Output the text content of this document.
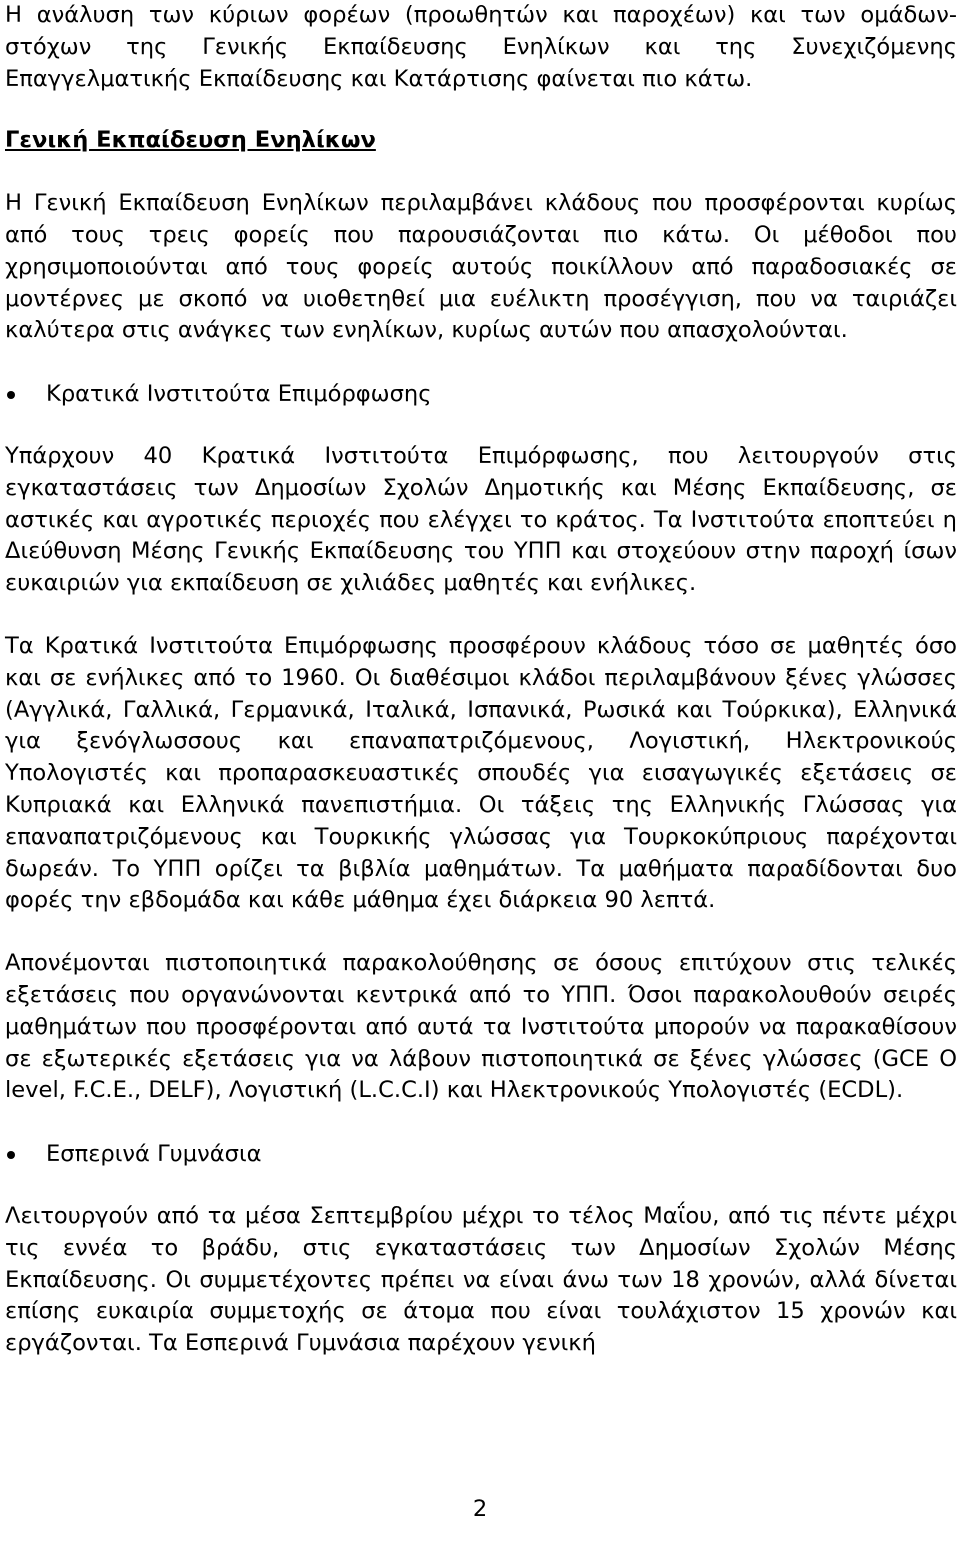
Η ανάλυση των κύριων φορέων (προωθητών και παροχέων) και των ομάδων-στόχων της Γενικής Εκπαίδευσης Ενηλίκων και της Συνεχιζόμενης Επαγγελματικής Εκπαίδευσης και Κατάρτισης φαίνεται πιο κάτω.

Γενική Εκπαίδευση Ενηλίκων

Η Γενική Εκπαίδευση Ενηλίκων περιλαμβάνει κλάδους που προσφέρονται κυρίως από τους τρεις φορείς που παρουσιάζονται πιο κάτω. Οι μέθοδοι που χρησιμοποιούνται από τους φορείς αυτούς ποικίλλουν από παραδοσιακές σε μοντέρνες με σκοπό να υιοθετηθεί μια ευέλικτη προσέγγιση, που να ταιριάζει καλύτερα στις ανάγκες των ενηλίκων, κυρίως αυτών που απασχολούνται.

Κρατικά Ινστιτούτα Επιμόρφωσης

Υπάρχουν 40 Κρατικά Ινστιτούτα Επιμόρφωσης, που λειτουργούν στις εγκαταστάσεις των Δημοσίων Σχολών Δημοτικής και Μέσης Εκπαίδευσης, σε αστικές και αγροτικές περιοχές που ελέγχει το κράτος. Τα Ινστιτούτα εποπτεύει η Διεύθυνση Μέσης Γενικής Εκπαίδευσης του ΥΠΠ και στοχεύουν στην παροχή ίσων ευκαιριών για εκπαίδευση σε χιλιάδες μαθητές και ενήλικες.

Τα Κρατικά Ινστιτούτα Επιμόρφωσης προσφέρουν κλάδους τόσο σε μαθητές όσο και σε ενήλικες από το 1960. Οι διαθέσιμοι κλάδοι περιλαμβάνουν ξένες γλώσσες (Αγγλικά, Γαλλικά, Γερμανικά, Ιταλικά, Ισπανικά, Ρωσικά και Τούρκικα), Ελληνικά για ξενόγλωσσους και επαναπατριζόμενους, Λογιστική, Ηλεκτρονικούς Υπολογιστές και προπαρασκευαστικές σπουδές για εισαγωγικές εξετάσεις σε Κυπριακά και Ελληνικά πανεπιστήμια. Οι τάξεις της Ελληνικής Γλώσσας για επαναπατριζόμενους και Τουρκικής γλώσσας για Τουρκοκύπριους παρέχονται δωρεάν. Το ΥΠΠ ορίζει τα βιβλία μαθημάτων. Τα μαθήματα παραδίδονται δυο φορές την εβδομάδα και κάθε μάθημα έχει διάρκεια 90 λεπτά.

Απονέμονται πιστοποιητικά παρακολούθησης σε όσους επιτύχουν στις τελικές εξετάσεις που οργανώνονται κεντρικά από το ΥΠΠ. Όσοι παρακολουθούν σειρές μαθημάτων που προσφέρονται από αυτά τα Ινστιτούτα μπορούν να παρακαθίσουν σε εξωτερικές εξετάσεις για να λάβουν πιστοποιητικά σε ξένες γλώσσες (GCE O level, F.C.E., DELF), Λογιστική (L.C.C.I) και Ηλεκτρονικούς Υπολογιστές (ECDL).

Εσπερινά Γυμνάσια

Λειτουργούν από τα μέσα Σεπτεμβρίου μέχρι το τέλος Μαΐου, από τις πέντε μέχρι τις εννέα το βράδυ, στις εγκαταστάσεις των Δημοσίων Σχολών Μέσης Εκπαίδευσης. Οι συμμετέχοντες πρέπει να είναι άνω των 18 χρονών, αλλά δίνεται επίσης ευκαιρία συμμετοχής σε άτομα που είναι τουλάχιστον 15 χρονών και εργάζονται. Τα Εσπερινά Γυμνάσια παρέχουν γενική

2
